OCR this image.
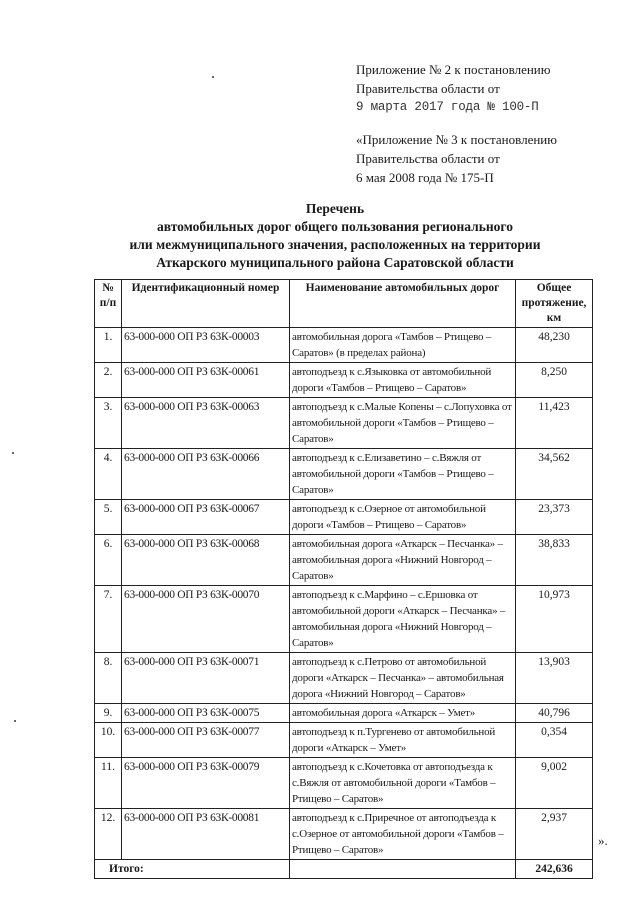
Приложение № 2 к постановлению
Правительства области от
9 марта 2017 года № 100-П
«Приложение № 3 к постановлению
Правительства области от
6 мая 2008 года № 175-П
Перечень
автомобильных дорог общего пользования регионального
или межмуниципального значения, расположенных на территории
Аткарского муниципального района Саратовской области
№ п/п	Идентификационный номер	Наименование автомобильных дорог	Общее протяжение, км
1.	63-000-000 ОП РЗ 63К-00003	автомобильная дорога «Тамбов – Ртищево – Саратов» (в пределах района)	48,230
2.	63-000-000 ОП РЗ 63К-00061	автоподъезд к с.Языковка от автомобильной дороги «Тамбов – Ртищево – Саратов»	8,250
3.	63-000-000 ОП РЗ 63К-00063	автоподъезд к с.Малые Копены – с.Лопуховка от автомобильной дороги «Тамбов – Ртищево – Саратов»	11,423
4.	63-000-000 ОП РЗ 63К-00066	автоподъезд к с.Елизаветино – с.Вяжля от автомобильной дороги «Тамбов – Ртищево – Саратов»	34,562
5.	63-000-000 ОП РЗ 63К-00067	автоподъезд к с.Озерное от автомобильной дороги «Тамбов – Ртищево – Саратов»	23,373
6.	63-000-000 ОП РЗ 63К-00068	автомобильная дорога «Аткарск – Песчанка» – автомобильная дорога «Нижний Новгород – Саратов»	38,833
7.	63-000-000 ОП РЗ 63К-00070	автоподъезд к с.Марфино – с.Ершовка от автомобильной дороги «Аткарск – Песчанка» – автомобильная дорога «Нижний Новгород – Саратов»	10,973
8.	63-000-000 ОП РЗ 63К-00071	автоподъезд к с.Петрово от автомобильной дороги «Аткарск – Песчанка» – автомобильная дорога «Нижний Новгород – Саратов»	13,903
9.	63-000-000 ОП РЗ 63К-00075	автомобильная дорога «Аткарск – Умет»	40,796
10.	63-000-000 ОП РЗ 63К-00077	автоподъезд к п.Тургенево от автомобильной дороги «Аткарск – Умет»	0,354
11.	63-000-000 ОП РЗ 63К-00079	автоподъезд к с.Кочетовка от автоподъезда к с.Вяжля от автомобильной дороги «Тамбов – Ртищево – Саратов»	9,002
12.	63-000-000 ОП РЗ 63К-00081	автоподъезд к с.Приречное от автоподъезда к с.Озерное от автомобильной дороги «Тамбов – Ртищево – Саратов»	2,937
Итого:			242,636
».
